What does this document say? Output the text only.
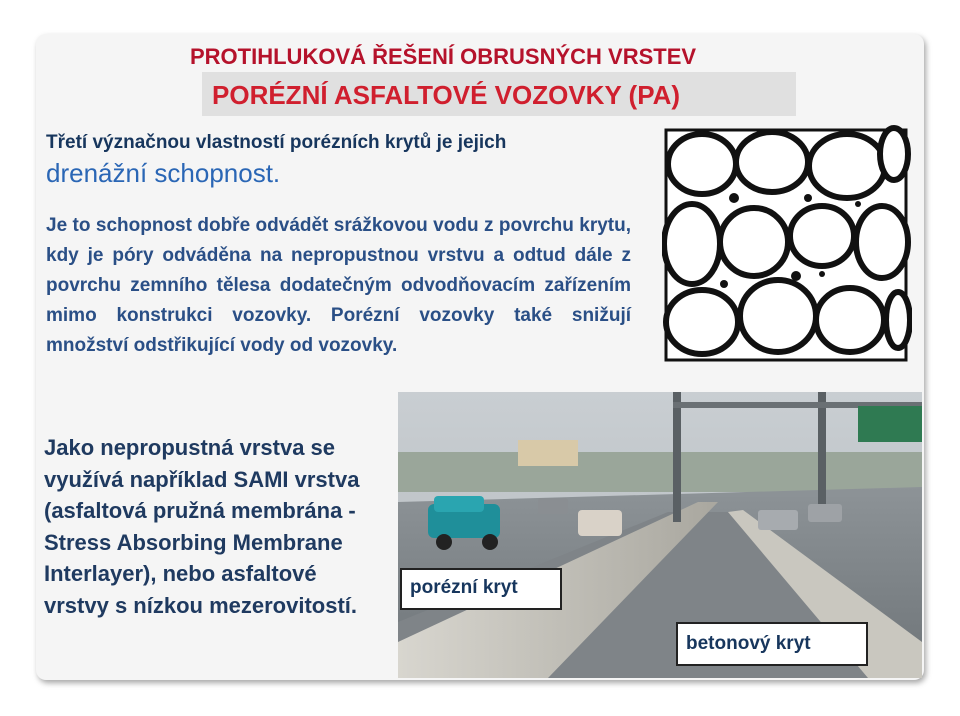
PROTIHLUKOVÁ ŘEŠENÍ OBRUSNÝCH VRSTEV
PORÉZNÍ ASFALTOVÉ VOZOVKY (PA)
Třetí význačnou vlastností porézních krytů je jejich
drenážní schopnost.
Je to schopnost dobře odvádět srážkovou vodu z povrchu krytu, kdy je póry odváděna na nepropustnou vrstvu a odtud dále z povrchu zemního tělesa dodatečným odvodňovacím zařízením mimo konstrukci vozovky. Porézní vozovky také snižují množství odstřikující vody od vozovky.
Jako nepropustná vrstva se využívá například SAMI vrstva (asfaltová pružná membrána - Stress Absorbing Membrane Interlayer), nebo asfaltové vrstvy s nízkou mezerovitostí.
porézní kryt
betonový kryt
